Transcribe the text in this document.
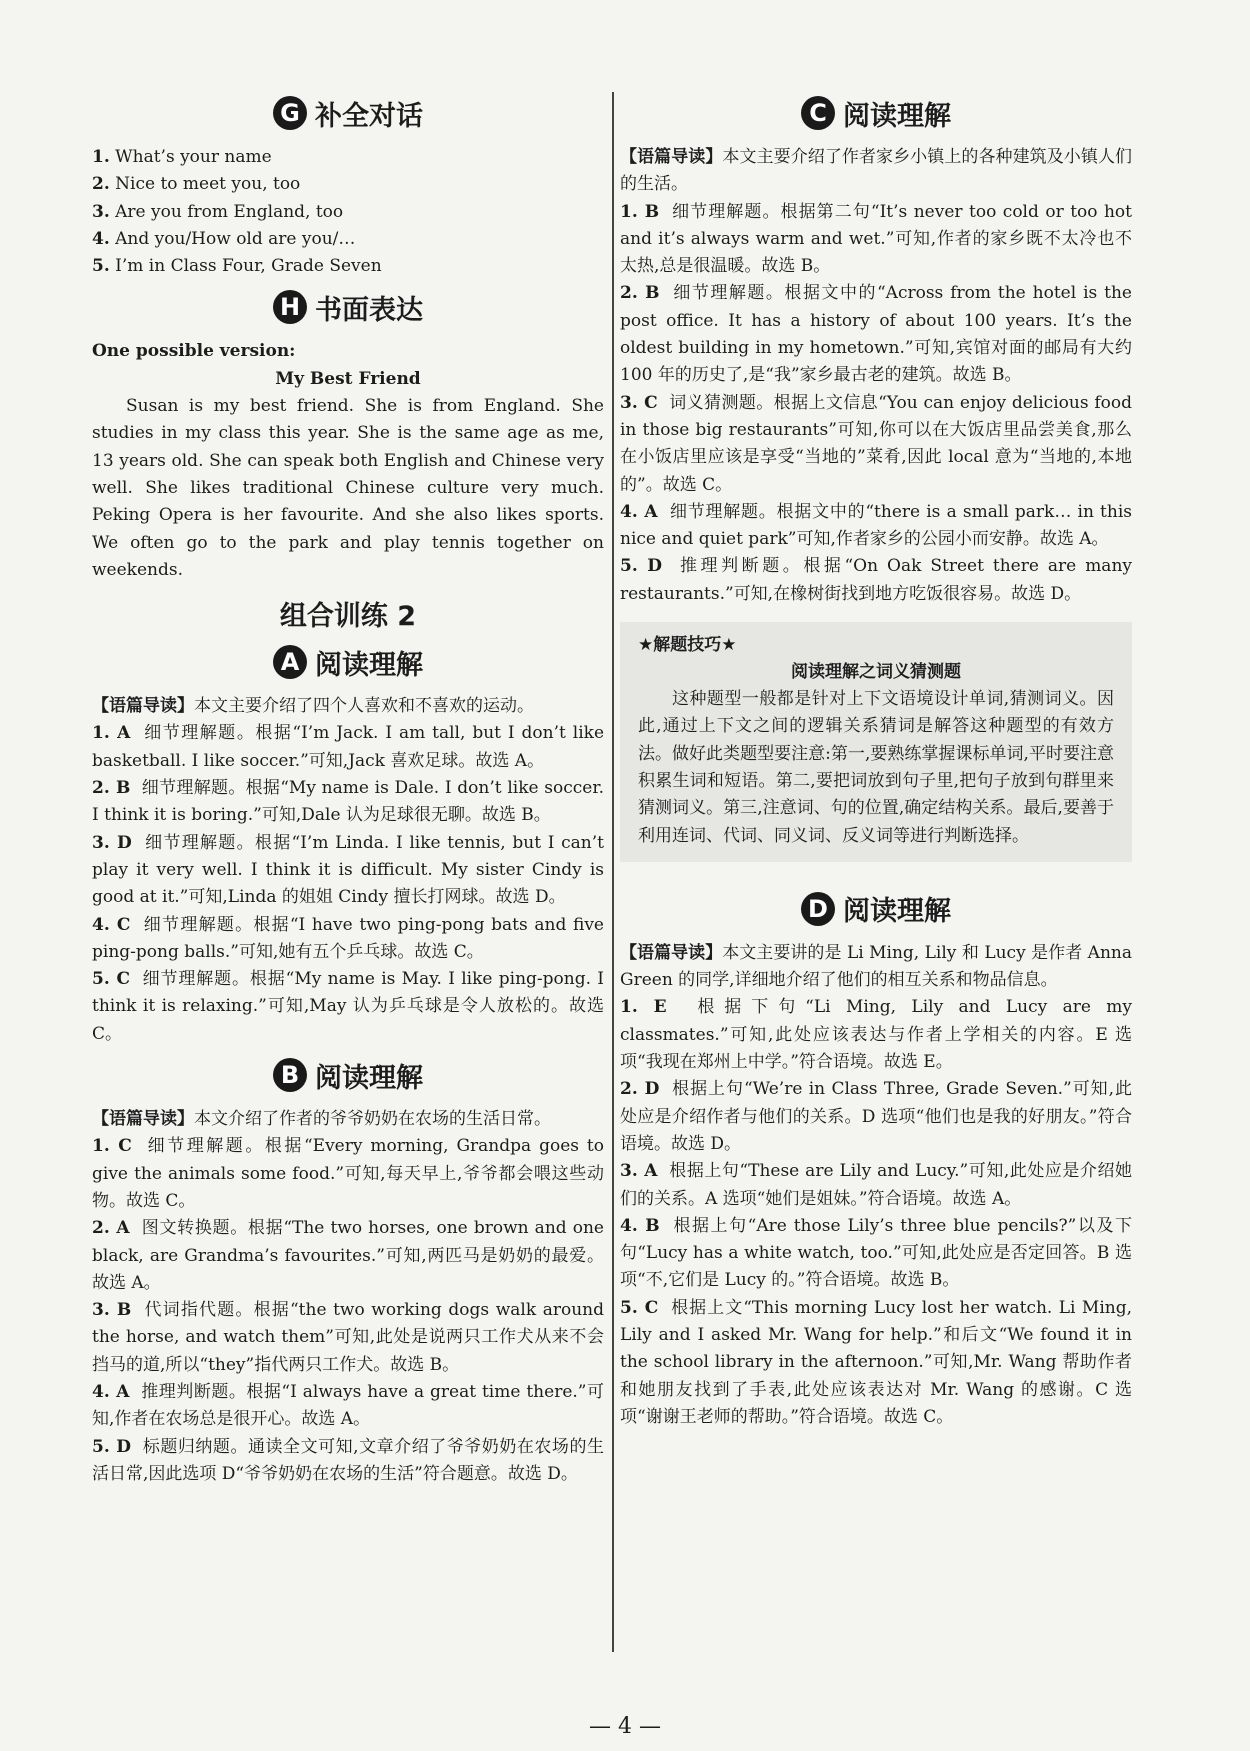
G 补全对话
1. What’s your name
2. Nice to meet you, too
3. Are you from England, too
4. And you/How old are you/…
5. I’m in Class Four, Grade Seven
H 书面表达
One possible version:
My Best Friend
Susan is my best friend. She is from England. She studies in my class this year. She is the same age as me, 13 years old. She can speak both English and Chinese very well. She likes traditional Chinese culture very much. Peking Opera is her favourite. And she also likes sports. We often go to the park and play tennis together on weekends.
组合训练 2
A 阅读理解
【语篇导读】本文主要介绍了四个人喜欢和不喜欢的运动。
1. A 细节理解题。根据“I’m Jack. I am tall, but I don’t like basketball. I like soccer.”可知,Jack 喜欢足球。故选 A。
2. B 细节理解题。根据“My name is Dale. I don’t like soccer. I think it is boring.”可知,Dale 认为足球很无聊。故选 B。
3. D 细节理解题。根据“I’m Linda. I like tennis, but I can’t play it very well. I think it is difficult. My sister Cindy is good at it.”可知,Linda 的姐姐 Cindy 擅长打网球。故选 D。
4. C 细节理解题。根据“I have two ping-pong bats and five ping-pong balls.”可知,她有五个乒乓球。故选 C。
5. C 细节理解题。根据“My name is May. I like ping-pong. I think it is relaxing.”可知,May 认为乒乓球是令人放松的。故选 C。
B 阅读理解
【语篇导读】本文介绍了作者的爷爷奶奶在农场的生活日常。
1. C 细节理解题。根据“Every morning, Grandpa goes to give the animals some food.”可知,每天早上,爷爷都会喂这些动物。故选 C。
2. A 图文转换题。根据“The two horses, one brown and one black, are Grandma’s favourites.”可知,两匹马是奶奶的最爱。故选 A。
3. B 代词指代题。根据“the two working dogs walk around the horse, and watch them”可知,此处是说两只工作犬从来不会挡马的道,所以“they”指代两只工作犬。故选 B。
4. A 推理判断题。根据“I always have a great time there.”可知,作者在农场总是很开心。故选 A。
5. D 标题归纳题。通读全文可知,文章介绍了爷爷奶奶在农场的生活日常,因此选项 D“爷爷奶奶在农场的生活”符合题意。故选 D。
C 阅读理解
【语篇导读】本文主要介绍了作者家乡小镇上的各种建筑及小镇人们的生活。
1. B 细节理解题。根据第二句“It’s never too cold or too hot and it’s always warm and wet.”可知,作者的家乡既不太冷也不太热,总是很温暖。故选 B。
2. B 细节理解题。根据文中的“Across from the hotel is the post office. It has a history of about 100 years. It’s the oldest building in my hometown.”可知,宾馆对面的邮局有大约 100 年的历史了,是“我”家乡最古老的建筑。故选 B。
3. C 词义猜测题。根据上文信息“You can enjoy delicious food in those big restaurants”可知,你可以在大饭店里品尝美食,那么在小饭店里应该是享受“当地的”菜肴,因此 local 意为“当地的,本地的”。故选 C。
4. A 细节理解题。根据文中的“there is a small park… in this nice and quiet park”可知,作者家乡的公园小而安静。故选 A。
5. D 推理判断题。根据“On Oak Street there are many restaurants.”可知,在橡树街找到地方吃饭很容易。故选 D。
★解题技巧★
阅读理解之词义猜测题
这种题型一般都是针对上下文语境设计单词,猜测词义。因此,通过上下文之间的逻辑关系猜词是解答这种题型的有效方法。做好此类题型要注意:第一,要熟练掌握课标单词,平时要注意积累生词和短语。第二,要把词放到句子里,把句子放到句群里来猜测词义。第三,注意词、句的位置,确定结构关系。最后,要善于利用连词、代词、同义词、反义词等进行判断选择。
D 阅读理解
【语篇导读】本文主要讲的是 Li Ming, Lily 和 Lucy 是作者 Anna Green 的同学,详细地介绍了他们的相互关系和物品信息。
1. E 根据下句“Li Ming, Lily and Lucy are my classmates.”可知,此处应该表达与作者上学相关的内容。E 选项“我现在郑州上中学。”符合语境。故选 E。
2. D 根据上句“We’re in Class Three, Grade Seven.”可知,此处应是介绍作者与他们的关系。D 选项“他们也是我的好朋友。”符合语境。故选 D。
3. A 根据上句“These are Lily and Lucy.”可知,此处应是介绍她们的关系。A 选项“她们是姐妹。”符合语境。故选 A。
4. B 根据上句“Are those Lily’s three blue pencils?”以及下句“Lucy has a white watch, too.”可知,此处应是否定回答。B 选项“不,它们是 Lucy 的。”符合语境。故选 B。
5. C 根据上文“This morning Lucy lost her watch. Li Ming, Lily and I asked Mr. Wang for help.”和后文“We found it in the school library in the afternoon.”可知,Mr. Wang 帮助作者和她朋友找到了手表,此处应该表达对 Mr. Wang 的感谢。C 选项“谢谢王老师的帮助。”符合语境。故选 C。
— 4 —
